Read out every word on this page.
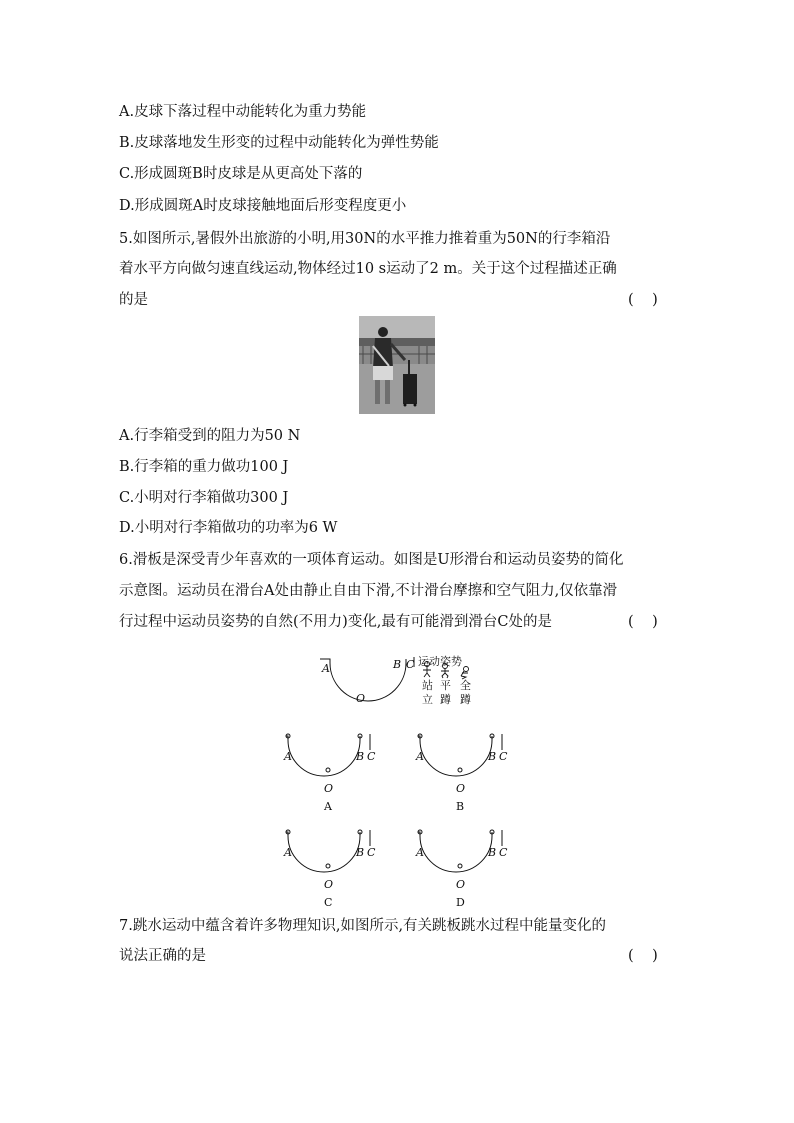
A.皮球下落过程中动能转化为重力势能
B.皮球落地发生形变的过程中动能转化为弹性势能
C.形成圆斑B时皮球是从更高处下落的
D.形成圆斑A时皮球接触地面后形变程度更小
5.如图所示,暑假外出旅游的小明,用30N的水平推力推着重为50N的行李箱沿
着水平方向做匀速直线运动,物体经过10 s运动了2 m。关于这个过程描述正确
的是	(    )
A.行李箱受到的阻力为50 N
B.行李箱的重力做功100 J
C.小明对行李箱做功300 J
D.小明对行李箱做功的功率为6 W
6.滑板是深受青少年喜欢的一项体育运动。如图是U形滑台和运动员姿势的简化
示意图。运动员在滑台A处由静止自由下滑,不计滑台摩擦和空气阻力,仅依靠滑
行过程中运动员姿势的自然(不用力)变化,最有可能滑到滑台C处的是	(    )
A	B C
O
运动姿势
站
立
平
蹲
全
蹲
A	B C
O
A
A	B C
O
B
A	B C
O
C
A	B C
O
D
7.跳水运动中蕴含着许多物理知识,如图所示,有关跳板跳水过程中能量变化的
说法正确的是	(    )
